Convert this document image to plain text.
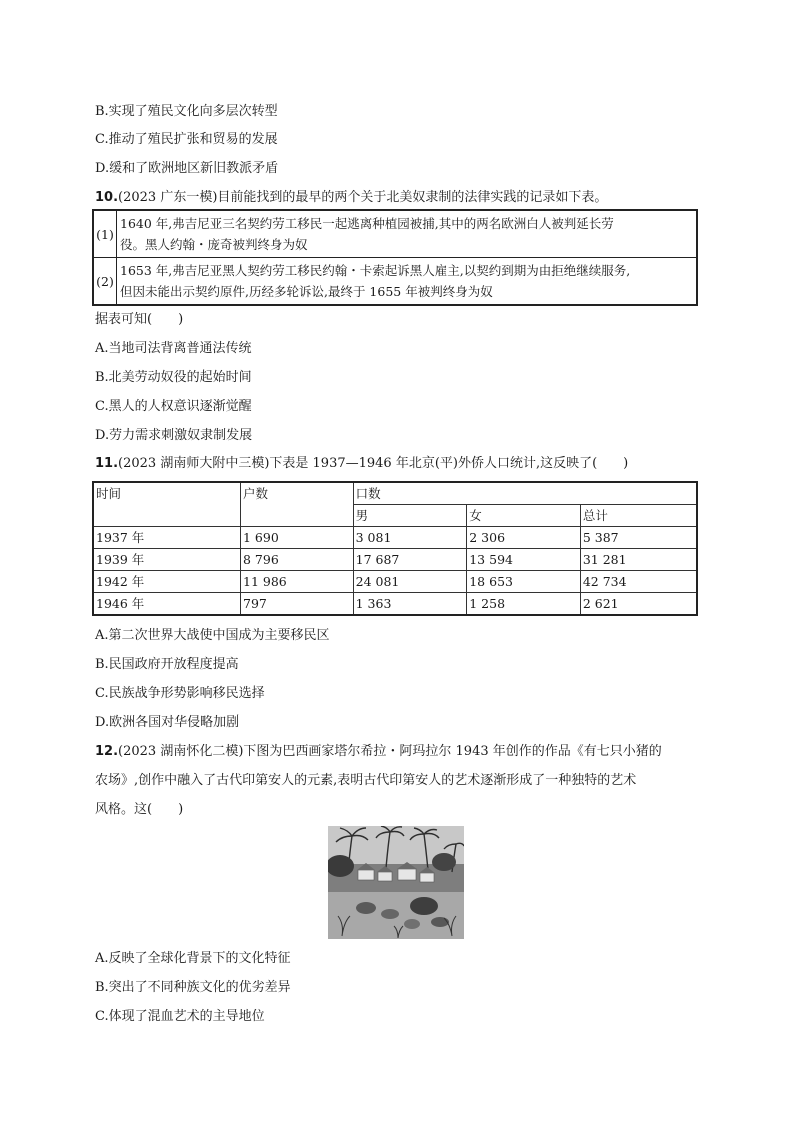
B.实现了殖民文化向多层次转型
C.推动了殖民扩张和贸易的发展
D.缓和了欧洲地区新旧教派矛盾
10.(2023 广东一模)目前能找到的最早的两个关于北美奴隶制的法律实践的记录如下表。
(1)	1640 年,弗吉尼亚三名契约劳工移民一起逃离种植园被捕,其中的两名欧洲白人被判延长劳
役。黑人约翰・庞奇被判终身为奴

(2)	1653 年,弗吉尼亚黑人契约劳工移民约翰・卡索起诉黑人雇主,以契约到期为由拒绝继续服务,
但因未能出示契约原件,历经多轮诉讼,最终于 1655 年被判终身为奴
据表可知(　　)
A.当地司法背离普通法传统
B.北美劳动奴役的起始时间
C.黑人的人权意识逐渐觉醒
D.劳力需求刺激奴隶制发展
11.(2023 湖南师大附中三模)下表是 1937—1946 年北京(平)外侨人口统计,这反映了(　　)
时间	户数	口数		
		男	女	总计
1937 年	1 690	3 081	2 306	5 387
1939 年	8 796	17 687	13 594	31 281
1942 年	11 986	24 081	18 653	42 734
1946 年	797	1 363	1 258	2 621
A.第二次世界大战使中国成为主要移民区
B.民国政府开放程度提高
C.民族战争形势影响移民选择
D.欧洲各国对华侵略加剧
12.(2023 湖南怀化二模)下图为巴西画家塔尔希拉・阿玛拉尔 1943 年创作的作品《有七只小猪的
农场》,创作中融入了古代印第安人的元素,表明古代印第安人的艺术逐渐形成了一种独特的艺术
风格。这(　　)
A.反映了全球化背景下的文化特征
B.突出了不同种族文化的优劣差异
C.体现了混血艺术的主导地位
